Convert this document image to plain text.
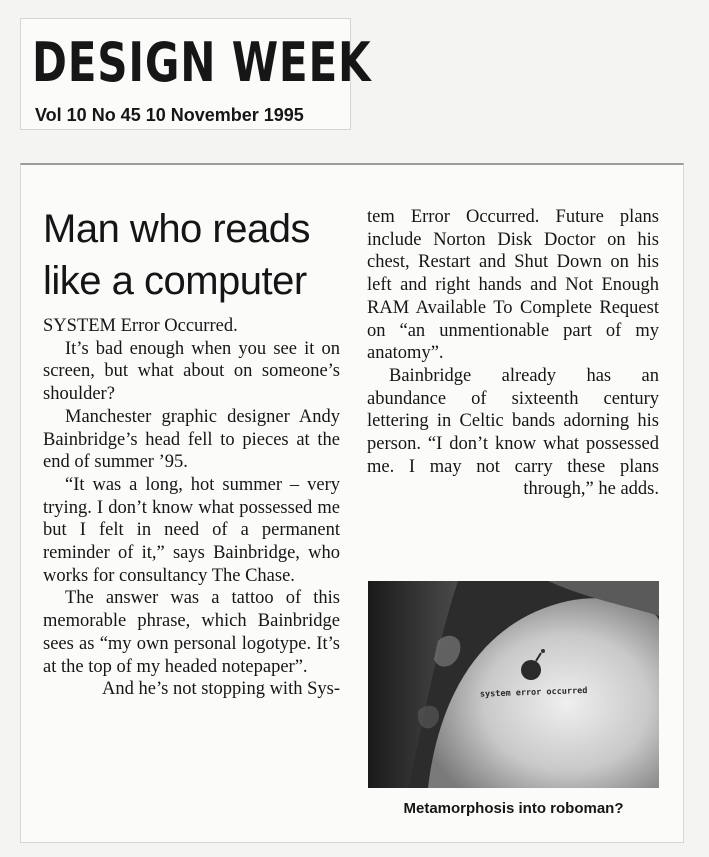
DESIGN WEEK
Vol 10 No 45 10 November 1995
Man who reads like a computer

SYSTEM Error Occurred.

It’s bad enough when you see it on screen, but what about on someone’s shoulder?

Manchester graphic designer Andy Bainbridge’s head fell to pieces at the end of summer ’95.

“It was a long, hot summer – very trying. I don’t know what possessed me but I felt in need of a permanent reminder of it,” says Bainbridge, who works for consultancy The Chase.

The answer was a tattoo of this memorable phrase, which Bainbridge sees as “my own personal logotype. It’s at the top of my headed notepaper”.

And he’s not stopping with Sys-

tem Error Occurred. Future plans include Norton Disk Doctor on his chest, Restart and Shut Down on his left and right hands and Not Enough RAM Available To Complete Request on “an unmentionable part of my anatomy”.

Bainbridge already has an abundance of sixteenth century lettering in Celtic bands adorning his person. “I don’t know what possessed me. I may not carry these plans through,” he adds.

system error occurred
Metamorphosis into roboman?
